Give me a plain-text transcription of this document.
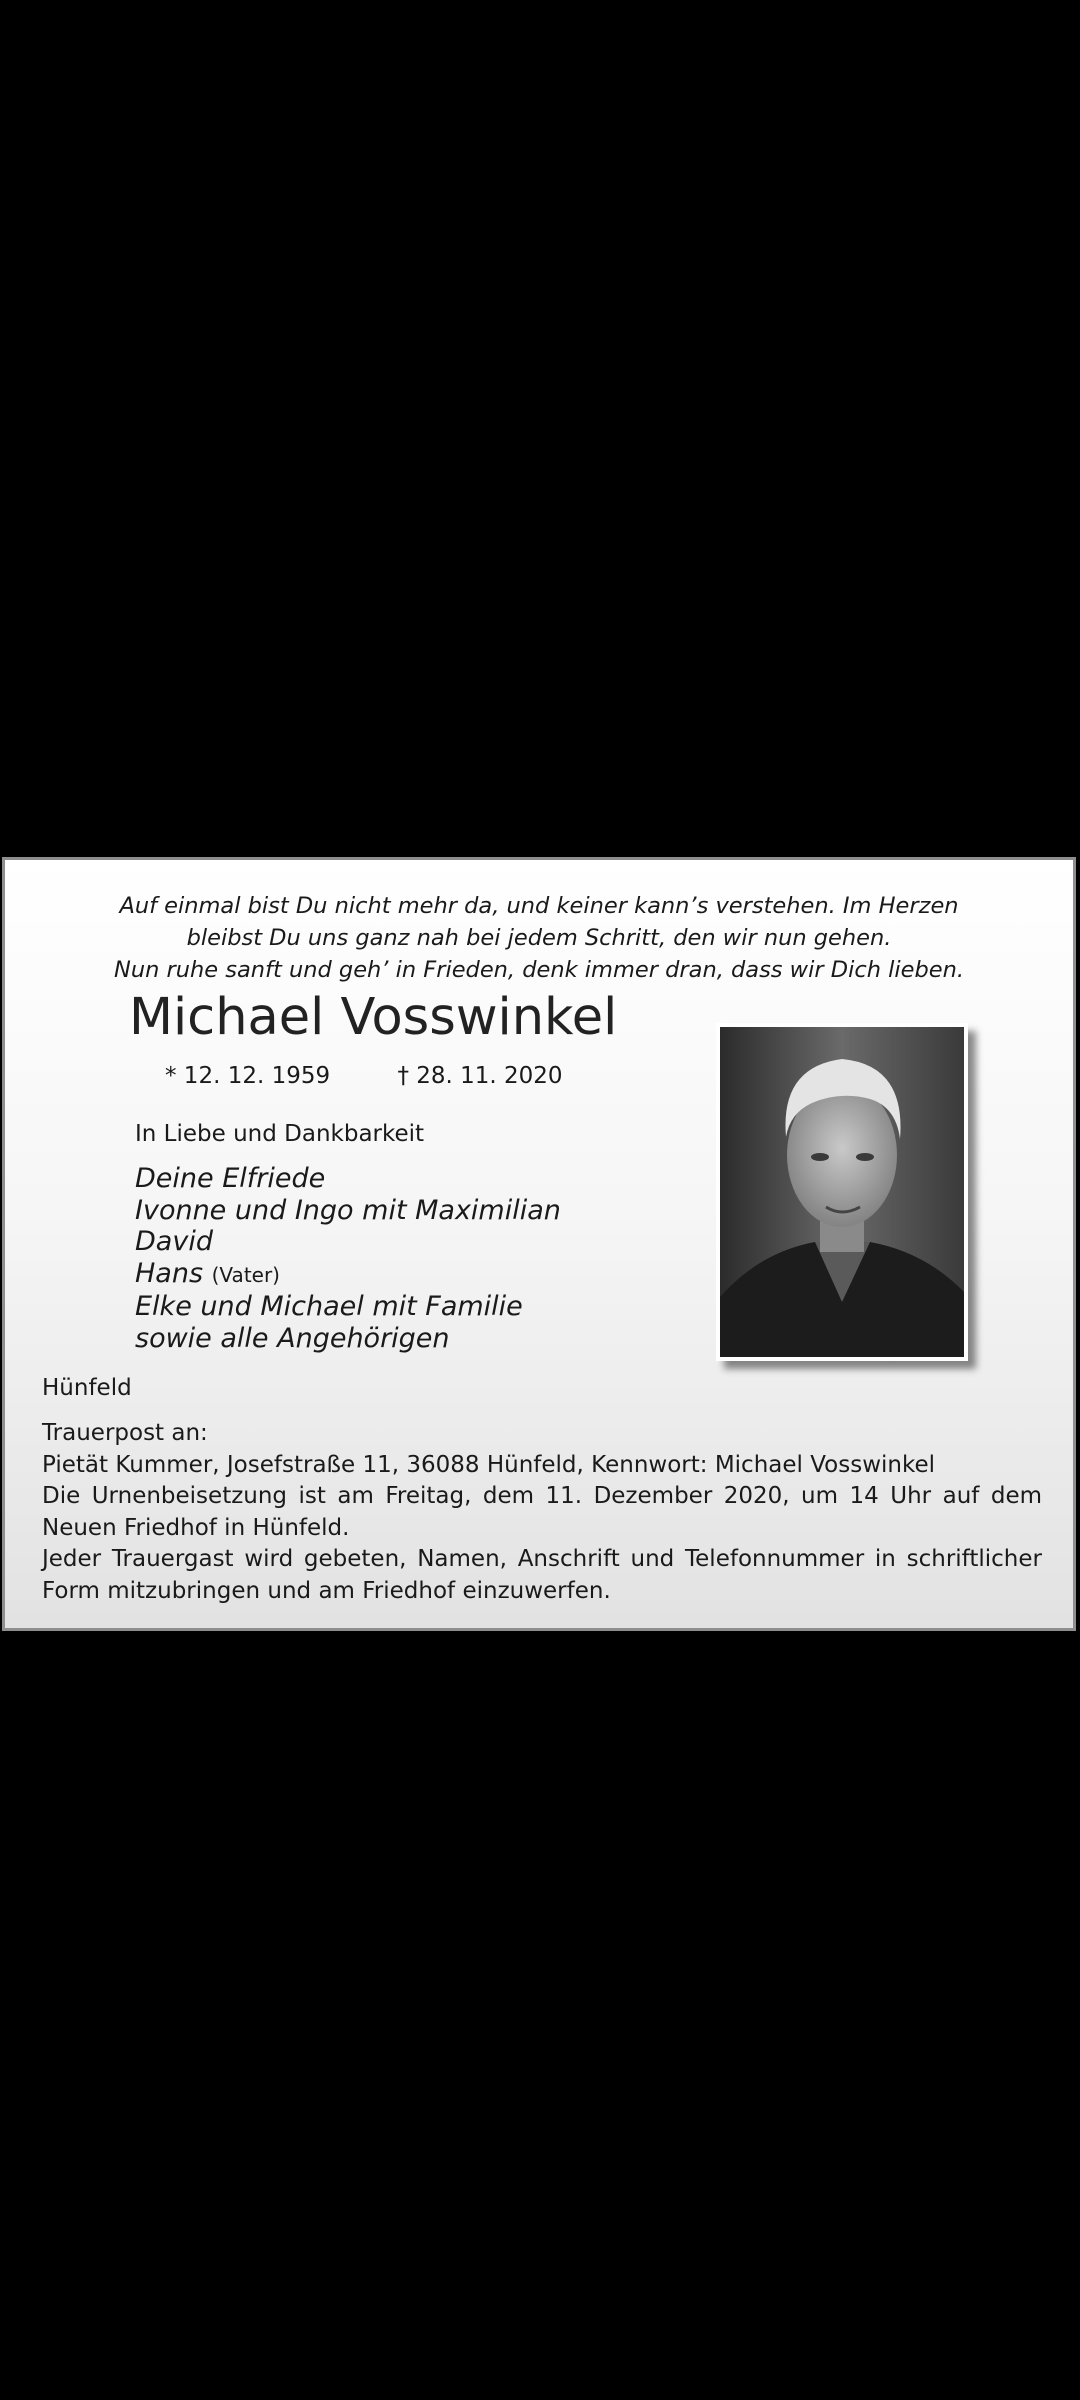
Auf einmal bist Du nicht mehr da, und keiner kann’s verstehen. Im Herzen
bleibst Du uns ganz nah bei jedem Schritt, den wir nun gehen.
Nun ruhe sanft und geh’ in Frieden, denk immer dran, dass wir Dich lieben.
Michael Vosswinkel
* 12. 12. 1959	† 28. 11. 2020
In Liebe und Dankbarkeit
Deine Elfriede
Ivonne und Ingo mit Maximilian
David
Hans (Vater)
Elke und Michael mit Familie
sowie alle Angehörigen
Hünfeld
Trauerpost an:
Pietät Kummer, Josefstraße 11, 36088 Hünfeld, Kennwort: Michael Vosswinkel
Die Urnenbeisetzung ist am Freitag, dem 11. Dezember 2020, um 14 Uhr auf dem
Neuen Friedhof in Hünfeld.
Jeder Trauergast wird gebeten, Namen, Anschrift und Telefonnummer in schriftlicher
Form mitzubringen und am Friedhof einzuwerfen.
